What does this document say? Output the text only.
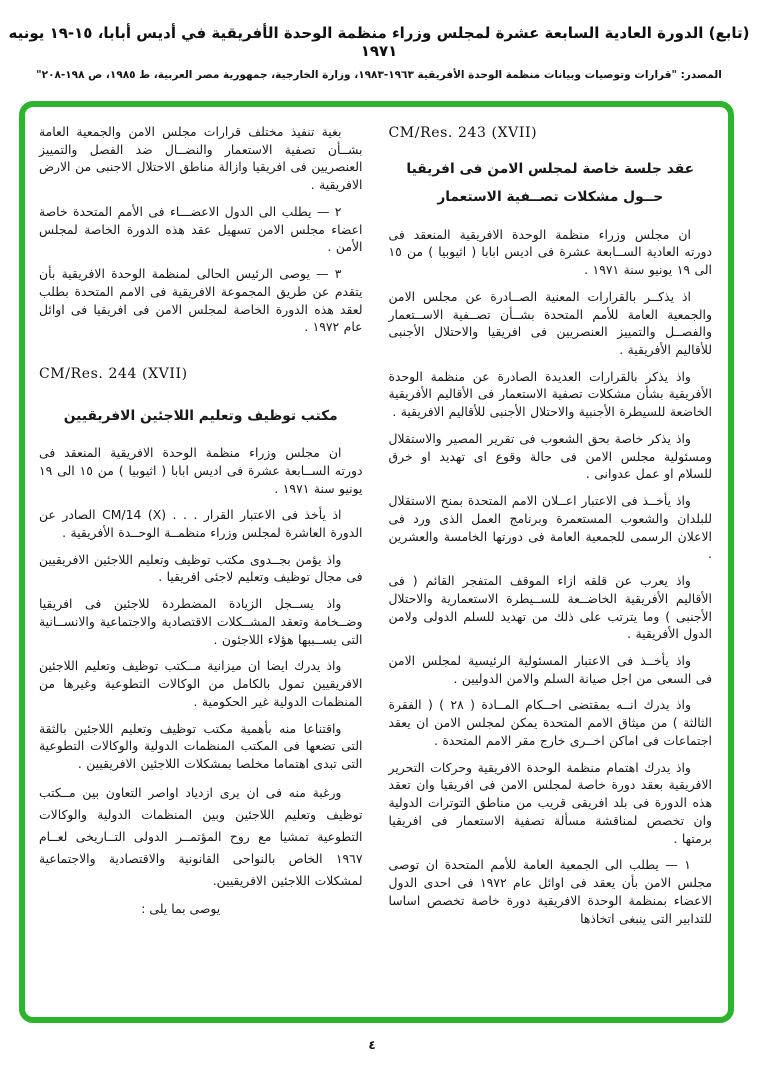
(تابع) الدورة العادية السابعة عشرة لمجلس وزراء منظمة الوحدة الأفريقية في أديس أبابا، ١٥-١٩ يونيه ١٩٧١
المصدر: "قرارات وتوصيات وبيانات منظمة الوحدة الأفريقية ١٩٦٣-١٩٨٣، وزارة الخارجية، جمهورية مصر العربية، ط ١٩٨٥، ص ١٩٨-٢٠٨"
CM/Res. 243 (XVII)
عقد جلسة خاصة لمجلس الامن فى افريقيا
حــول مشكلات تصــفية الاستعمار

ان مجلس وزراء منظمة الوحدة الافريقية المنعقد فى دورته العادية الســابعة عشرة فى اديس ابابا ( اثيوبيا ) من ١٥ الى ١٩ يونيو سنة ١٩٧١ .

اذ يذكــر بالقرارات المعنية الصــادرة عن مجلس الامن والجمعية العامة للأمم المتحدة بشــأن تصــفية الاســتعمار والفصــل والتمييز العنصريين فى افريقيا والاحتلال الأجنبى للأقاليم الأفريقية .

واذ يذكر بالقرارات العديدة الصادرة عن منظمة الوحدة الأفريقية بشأن مشكلات تصفية الاستعمار فى الأقاليم الأفريقية الخاضعة للسيطرة الأجنبية والاحتلال الأجنبى للأقاليم الافريقية .

واذ يذكر خاصة بحق الشعوب فى تقرير المصير والاستقلال ومسئولية مجلس الامن فى حالة وقوع اى تهديد او خرق للسلام او عمل عدوانى .

واذ يأخــذ فى الاعتبار اعــلان الامم المتحدة بمنح الاستقلال للبلدان والشعوب المستعمرة وبرنامج العمل الذى ورد فى الاعلان الرسمى للجمعية العامة فى دورتها الخامسة والعشرين .

واذ يعرب عن قلقه ازاء الموقف المتفجر القائم ( فى الأقاليم الأفريقية الخاضــعة للســيطرة الاستعمارية والاحتلال الأجنبى ) وما يترتب على ذلك من تهديد للسلم الدولى ولامن الدول الأفريقية .

واذ يأخــذ فى الاعتبار المسئولية الرئيسية لمجلس الامن فى السعى من اجل صيانة السلم والامن الدوليين .

واذ يدرك انــه بمقتضى احــكام المــادة ( ٢٨ ) ( الفقرة الثالثة ) من ميثاق الامم المتحدة يمكن لمجلس الامن ان يعقد اجتماعات فى اماكن اخــرى خارج مقر الامم المتحدة .

واذ يدرك اهتمام منظمة الوحدة الافريقية وحركات التحرير الافريقية بعقد دورة خاصة لمجلس الامن فى افريقيا وان تعقد هذه الدورة فى بلد افريقى قريب من مناطق التوترات الدولية وان تخصص لمناقشة مسألة تصفية الاستعمار فى افريقيا برمتها .

١ — يطلب الى الجمعية العامة للأمم المتحدة ان توصى مجلس الامن بأن يعقد فى اوائل عام ١٩٧٢ فى احدى الدول الاعضاء بمنظمة الوحدة الافريقية دورة خاصة تخصص اساسا للتدابير التى ينبغى اتخاذها

بغية تنفيذ مختلف قرارات مجلس الامن والجمعية العامة بشــأن تصفية الاستعمار والنضــال ضد الفصل والتمييز العنصريين فى افريقيا وازالة مناطق الاحتلال الاجنبى من الارض الافريقية .

٢ — يطلب الى الدول الاعضـــاء فى الأمم المتحدة خاصة اعضاء مجلس الامن تسهيل عقد هذه الدورة الخاصة لمجلس الأمن .

٣ — يوصى الرئيس الحالى لمنظمة الوحدة الافريقية بأن يتقدم عن طريق المجموعة الافريقية فى الامم المتحدة بطلب لعقد هذه الدورة الخاصة لمجلس الامن فى افريقيا فى اوائل عام ١٩٧٢ .

CM/Res. 244 (XVII)
مكتب توظيف وتعليم اللاجئين الافريقيين

ان مجلس وزراء منظمة الوحدة الافريقية المنعقد فى دورته الســابعة عشرة فى اديس ابابا ( اثيوبيا ) من ١٥ الى ١٩ يونيو سنة ١٩٧١ .

اذ يأخذ فى الاعتبار القرار . . . CM/14 (X) الصادر عن الدورة العاشرة لمجلس وزراء منظمــة الوحــدة الأفريقية .

واذ يؤمن بجــدوى مكتب توظيف وتعليم اللاجئين الافريقيين فى مجال توظيف وتعليم لاجئى افريقيا .

واذ يســجل الزيادة المضطردة للاجئين فى افريقيا وضــخامة وتعقد المشــكلات الاقتصادية والاجتماعية والانســانية التى يســببها هؤلاء اللاجئون .

واذ يدرك ايضا ان ميزانية مــكتب توظيف وتعليم اللاجئين الافريقيين تمول بالكامل من الوكالات التطوعية وغيرها من المنظمات الدولية غير الحكومية .

واقتناعا منه بأهمية مكتب توظيف وتعليم اللاجئين بالثقة التى تضعها فى المكتب المنظمات الدولية والوكالات التطوعية التى تبدى اهتماما مخلصا بمشكلات اللاجئين الافريقيين .

ورغبة منه فى ان يرى ازدياد اواصر التعاون بين مــكتب توظيف وتعليم اللاجئين وبين المنظمات الدولية والوكالات التطوعية تمشيا مع روح المؤتمــر الدولى التــاريخى لعــام ١٩٦٧ الخاص بالنواحى القانونية والاقتصادية والاجتماعية لمشكلات اللاجئين الافريقيين.

يوصى بما يلى :
٤
